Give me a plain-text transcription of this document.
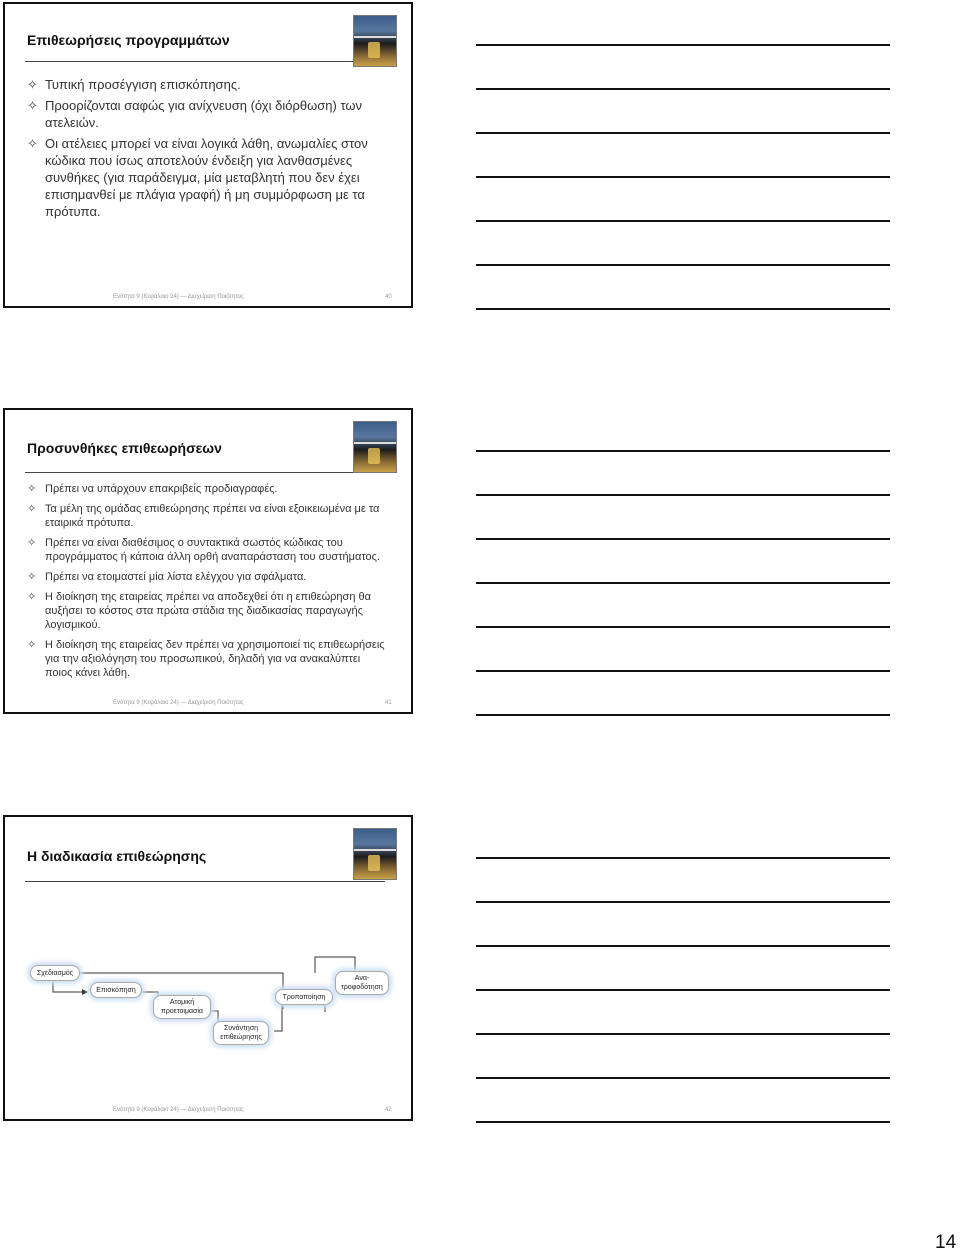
Επιθεωρήσεις προγραμμάτων
✧ Τυπική προσέγγιση επισκόπησης.
✧ Προορίζονται σαφώς για ανίχνευση (όχι διόρθωση) των ατελειών.
✧ Οι ατέλειες μπορεί να είναι λογικά λάθη, ανωμαλίες στον κώδικα που ίσως αποτελούν ένδειξη για λανθασμένες συνθήκες (για παράδειγμα, μία μεταβλητή που δεν έχει επισημανθεί με πλάγια γραφή) ή μη συμμόρφωση με τα πρότυπα.
Ενότητα 9 (Κεφάλαιο 24) — Διαχείριση Ποιότητας	40
Προσυνθήκες επιθεωρήσεων
✧ Πρέπει να υπάρχουν επακριβείς προδιαγραφές.
✧ Τα μέλη της ομάδας επιθεώρησης πρέπει να είναι εξοικειωμένα με τα εταιρικά πρότυπα.
✧ Πρέπει να είναι διαθέσιμος ο συντακτικά σωστός κώδικας του προγράμματος ή κάποια άλλη ορθή αναπαράσταση του συστήματος.
✧ Πρέπει να ετοιμαστεί μία λίστα ελέγχου για σφάλματα.
✧ Η διοίκηση της εταιρείας πρέπει να αποδεχθεί ότι η επιθεώρηση θα αυξήσει το κόστος στα πρώτα στάδια της διαδικασίας παραγωγής λογισμικού.
✧ Η διοίκηση της εταιρείας δεν πρέπει να χρησιμοποιεί τις επιθεωρήσεις για την αξιολόγηση του προσωπικού, δηλαδή για να ανακαλύπτει ποιος κάνει λάθη.
Ενότητα 9 (Κεφάλαιο 24) — Διαχείριση Ποιότητας	41
Η διαδικασία επιθεώρησης
Σχεδιασμός
Επισκόπηση
Ατομική προετοιμασία
Συνάντηση επιθεώρησης
Τροποποίηση
Ανα-τροφοδότηση
Ενότητα 9 (Κεφάλαιο 24) — Διαχείριση Ποιότητας	42
14
